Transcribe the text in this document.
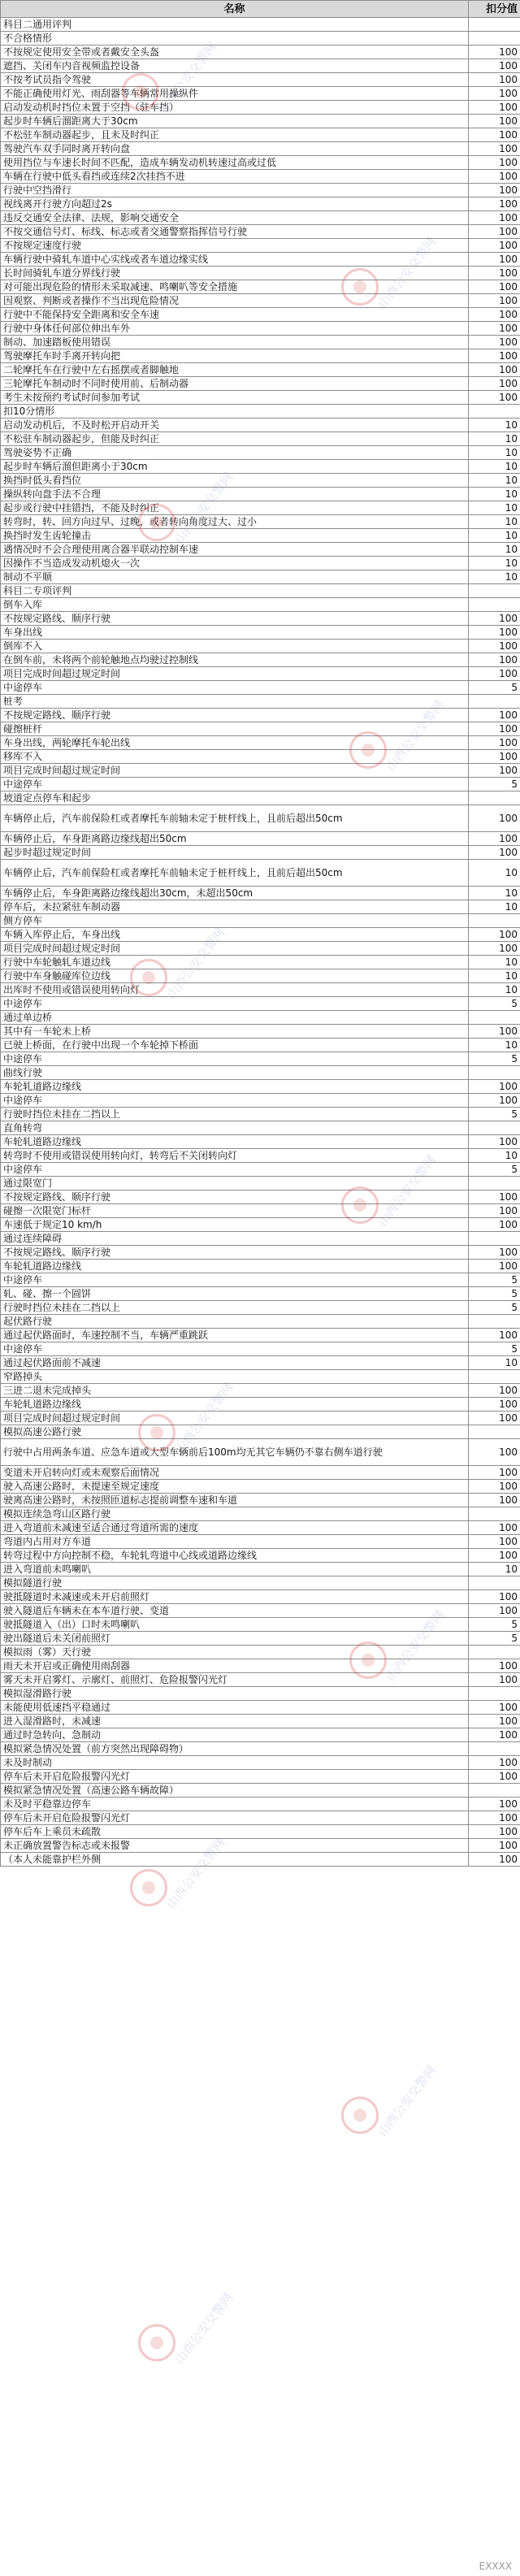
名称	扣分值
科目二通用评判	
不合格情形	
不按规定使用安全带或者戴安全头盔	100
遮挡、关闭车内音视频监控设备	100
不按考试员指令驾驶	100
不能正确使用灯光、雨刮器等车辆常用操纵件	100
启动发动机时挡位未置于空挡（驻车挡）	100
起步时车辆后溜距离大于30cm	100
不松驻车制动器起步，且未及时纠正	100
驾驶汽车双手同时离开转向盘	100
使用挡位与车速长时间不匹配，造成车辆发动机转速过高或过低	100
车辆在行驶中低头看挡或连续2次挂挡不进	100
行驶中空挡滑行	100
视线离开行驶方向超过2s	100
违反交通安全法律、法规，影响交通安全	100
不按交通信号灯、标线、标志或者交通警察指挥信号行驶	100
不按规定速度行驶	100
车辆行驶中骑轧车道中心实线或者车道边缘实线	100
长时间骑轧车道分界线行驶	100
对可能出现危险的情形未采取减速、鸣喇叭等安全措施	100
因观察、判断或者操作不当出现危险情况	100
行驶中不能保持安全距离和安全车速	100
行驶中身体任何部位伸出车外	100
制动、加速踏板使用错误	100
驾驶摩托车时手离开转向把	100
二轮摩托车在行驶中左右摇摆或者脚触地	100
三轮摩托车制动时不同时使用前、后制动器	100
考生未按预约考试时间参加考试	100
扣10分情形	
启动发动机后，不及时松开启动开关	10
不松驻车制动器起步，但能及时纠正	10
驾驶姿势不正确	10
起步时车辆后溜但距离小于30cm	10
换挡时低头看挡位	10
操纵转向盘手法不合理	10
起步或行驶中挂错挡，不能及时纠正	10
转弯时，转、回方向过早、过晚，或者转向角度过大、过小	10
换挡时发生齿轮撞击	10
遇情况时不会合理使用离合器半联动控制车速	10
因操作不当造成发动机熄火一次	10
制动不平顺	10
科目二专项评判	
倒车入库	
不按规定路线、顺序行驶	100
车身出线	100
倒库不入	100
在倒车前，未将两个前轮触地点均驶过控制线	100
项目完成时间超过规定时间	100
中途停车	5
桩考	
不按规定路线、顺序行驶	100
碰擦桩杆	100
车身出线，两轮摩托车轮出线	100
移库不入	100
项目完成时间超过规定时间	100
中途停车	5
坡道定点停车和起步	
车辆停止后，汽车前保险杠或者摩托车前轴未定于桩杆线上，且前后超出50cm	100
车辆停止后，车身距离路边缘线超出50cm	100
起步时超过规定时间	100
车辆停止后，汽车前保险杠或者摩托车前轴未定于桩杆线上，且前后超出50cm	10
车辆停止后，车身距离路边缘线超出30cm，未超出50cm	10
停车后，未拉紧驻车制动器	10
侧方停车	
车辆入库停止后，车身出线	100
项目完成时间超过规定时间	100
行驶中车轮触轧车道边线	10
行驶中车身触碰库位边线	10
出库时不使用或错误使用转向灯	10
中途停车	5
通过单边桥	
其中有一车轮未上桥	100
已驶上桥面，在行驶中出现一个车轮掉下桥面	10
中途停车	5
曲线行驶	
车轮轧道路边缘线	100
中途停车	100
行驶时挡位未挂在二挡以上	5
直角转弯	
车轮轧道路边缘线	100
转弯时不使用或错误使用转向灯，转弯后不关闭转向灯	10
中途停车	5
通过限宽门	
不按规定路线、顺序行驶	100
碰擦一次限宽门标杆	100
车速低于规定10 km/h	100
通过连续障碍	
不按规定路线、顺序行驶	100
车轮轧道路边缘线	100
中途停车	5
轧、碰、擦一个圆饼	5
行驶时挡位未挂在二挡以上	5
起伏路行驶	
通过起伏路面时，车速控制不当，车辆严重跳跃	100
中途停车	5
通过起伏路面前不减速	10
窄路掉头	
三进二退未完成掉头	100
车轮轧道路边缘线	100
项目完成时间超过规定时间	100
模拟高速公路行驶	
行驶中占用两条车道、应急车道或大型车辆前后100m均无其它车辆仍不靠右侧车道行驶	100
变道未开启转向灯或未观察后面情况	100
驶入高速公路时，未提速至规定速度	100
驶离高速公路时，未按照匝道标志提前调整车速和车道	100
模拟连续急弯山区路行驶	
进入弯道前未减速至适合通过弯道所需的速度	100
弯道内占用对方车道	100
转弯过程中方向控制不稳，车轮轧弯道中心线或道路边缘线	100
进入弯道前未鸣喇叭	10
模拟隧道行驶	
驶抵隧道时未减速或未开启前照灯	100
驶入隧道后车辆未在本车道行驶、变道	100
驶抵隧道入（出）口时未鸣喇叭	5
驶出隧道后未关闭前照灯	5
模拟雨（雾）天行驶	
雨天未开启或正确使用雨刮器	100
雾天未开启雾灯、示廓灯、前照灯、危险报警闪光灯	100
模拟湿滑路行驶	
未能使用低速挡平稳通过	100
进入湿滑路时，未减速	100
通过时急转向、急制动	100
模拟紧急情况处置（前方突然出现障碍物）	
未及时制动	100
停车后未开启危险报警闪光灯	100
模拟紧急情况处置（高速公路车辆故障）	
未及时平稳靠边停车	100
停车后未开启危险报警闪光灯	100
停车后车上乘员未疏散	100
未正确放置警告标志或未报警	100
（本人未能靠护栏外侧	100
山西公安交警网
山西公安交警网
山西公安交警网
山西公安交警网
山西公安交警网
山西公安交警网
山西公安交警网
山西公安交警网
山西公安交警网
山西公安交警网
山西公安交警网
EXXXX
